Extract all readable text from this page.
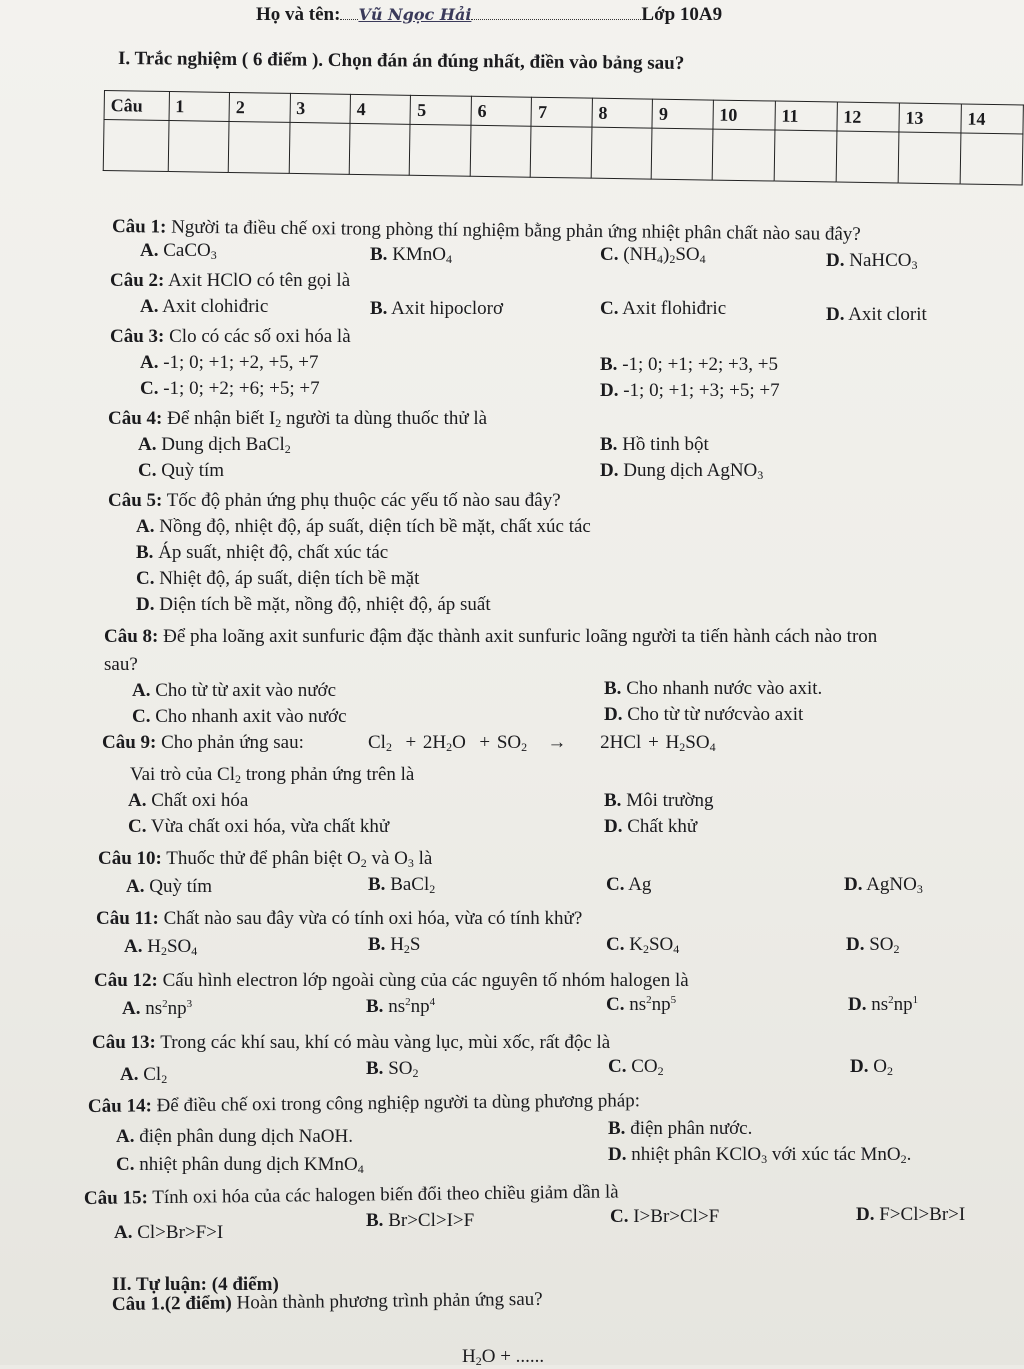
Họ và tên: Vũ Ngọc Hải	Lớp 10A9
I. Trắc nghiệm ( 6 điểm ). Chọn đán án đúng nhất, điền vào bảng sau?
Câu	1	2	3	4	5	6	7	8	9	10	11	12	13	14

Câu 1: Người ta điều chế oxi trong phòng thí nghiệm bằng phản ứng nhiệt phân chất nào sau đây?
A. CaCO$_3$	B. KMnO$_4$	C. $(NH_4)_2SO_4$	D. NaHCO$_3$
Câu 2: Axit HClO có tên gọi là
A. Axit clohiđric	B. Axit hipoclorơ	C. Axit flohiđric	D. Axit clorit
Câu 3: Clo có các số oxi hóa là
A. -1; 0; +1; +2, +5, +7	B. -1; 0; +1; +2; +3, +5
C. -1; 0; +2; +6; +5; +7	D. -1; 0; +1; +3; +5; +7
Câu 4: Để nhận biết $I_2$ người ta dùng thuốc thử là
A. Dung dịch BaCl$_2$	B. Hồ tinh bột
C. Quỳ tím	D. Dung dịch AgNO$_3$
Câu 5: Tốc độ phản ứng phụ thuộc các yếu tố nào sau đây?
A. Nồng độ, nhiệt độ, áp suất, diện tích bề mặt, chất xúc tác
B. Áp suất, nhiệt độ, chất xúc tác
C. Nhiệt độ, áp suất, diện tích bề mặt
D. Diện tích bề mặt, nồng độ, nhiệt độ, áp suất
Câu 8: Để pha loãng axit sunfuric đậm đặc thành axit sunfuric loãng người ta tiến hành cách nào tron
sau?
A. Cho từ từ axit vào nước	B. Cho nhanh nước vào axit.
C. Cho nhanh axit vào nước	D. Cho từ từ nướcvào axit
Câu 9: Cho phản ứng sau:	$Cl_2 + 2H_2O + SO_2 \to 2HCl + H_2SO_4$
Vai trò của $Cl_2$ trong phản ứng trên là
A. Chất oxi hóa	B. Môi trường
C. Vừa chất oxi hóa, vừa chất khử	D. Chất khử
Câu 10: Thuốc thử để phân biệt $O_2$ và $O_3$ là
A. Quỳ tím	B. BaCl$_2$	C. Ag	D. AgNO$_3$
Câu 11: Chất nào sau đây vừa có tính oxi hóa, vừa có tính khử?
A. $H_2SO_4$	B. $H_2S$	C. $K_2SO_4$	D. $SO_2$
Câu 12: Cấu hình electron lớp ngoài cùng của các nguyên tố nhóm halogen là
A. $ns^2np^3$	B. $ns^2np^4$	C. $ns^2np^5$	D. $ns^2np^1$
Câu 13: Trong các khí sau, khí có màu vàng lục, mùi xốc, rất độc là
A. $Cl_2$	B. $SO_2$	C. $CO_2$	D. $O_2$
Câu 14: Để điều chế oxi trong công nghiệp người ta dùng phương pháp:
A. điện phân dung dịch NaOH.	B. điện phân nước.
C. nhiệt phân dung dịch KMnO$_4$
D. nhiệt phân KClO$_3$ với xúc tác MnO$_2$.
Câu 15: Tính oxi hóa của các halogen biến đổi theo chiều giảm dần là
A. Cl>Br>F>I
B. Br>Cl>I>F	C. I>Br>Cl>F	D. F>Cl>Br>I
II. Tự luận: (4 điểm)
Câu 1.(2 điểm) Hoàn thành phương trình phản ứng sau?
$H_2O$ + ......
